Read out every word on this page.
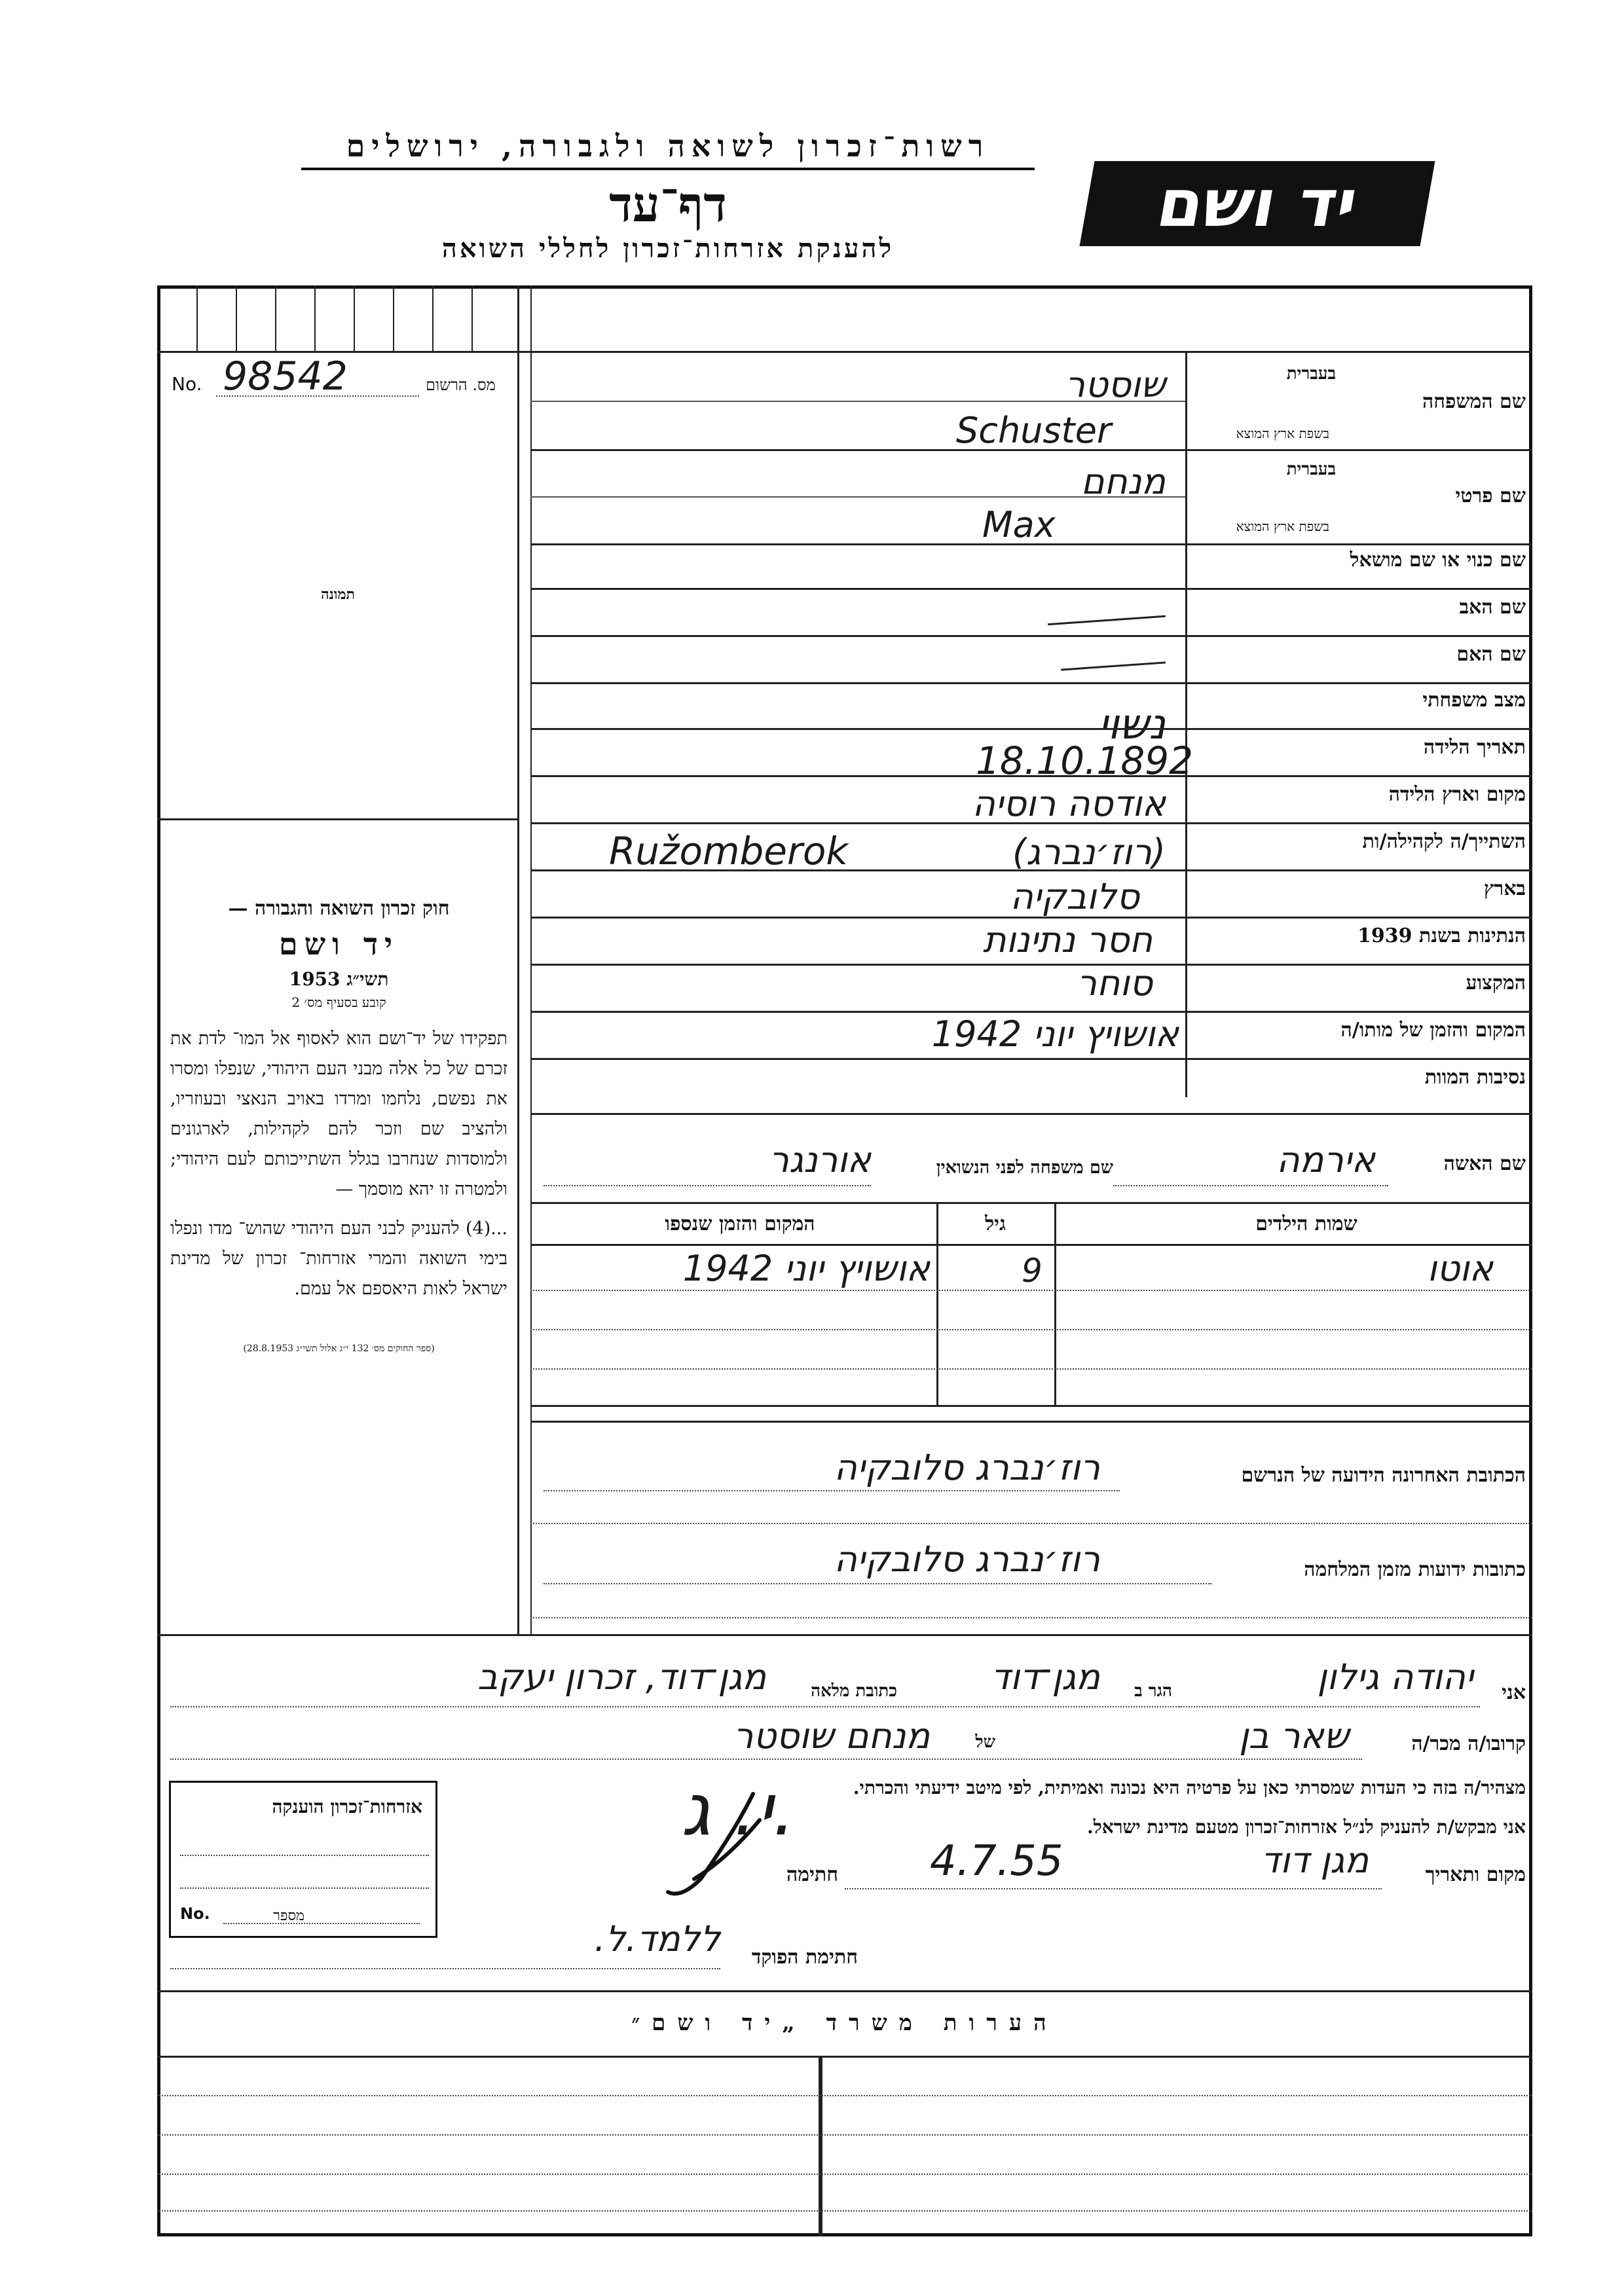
רשות־זכרון לשואה ולגבורה, ירושלים
דף־עד
להענקת אזרחות־זכרון לחללי השואה
יד ושם
מס. הרשום
No. 98542
תמונה

חוק זכרון השואה והגבורה —

יד ושם

תשי״ג 1953

קובע בסעיף מס׳ 2

תפקידו של יד־ושם הוא לאסוף אל המו־ לדת את זכרם של כל אלה מבני העם היהודי, שנפלו ומסרו את נפשם, נלחמו ומרדו באויב הנאצי ובעוזריו, ולהציב שם וזכר להם לקהילות, לארגונים ולמוסדות שנחרבו בגלל השתייכותם לעם היהודי; ולמטרה זו יהא מוסמך —

...(4) להעניק לבני העם היהודי שהוש־ מדו ונפלו בימי השואה והמרי אזרחות־ זכרון של מדינת ישראל לאות היאספם אל עמם.

(ספר החוקים מס׳ 132 י״ג אלול תשי״ג 28.8.1953)

שם המשפחה
בעברית
בשפת ארץ המוצא
שוסטר
Schuster
שם פרטי
בעברית
בשפת ארץ המוצא
מנחם
Max
שם כנוי או שם מושאל
שם האב
שם האם
מצב משפחתי
נשוי	תאריך הלידה
18.10.1892
מקום וארץ הלידה
אודסה רוסיה
השתייך/ה לקהילה/ות
Ružomberok	(רוז׳נברג)
בארץ
סלובקיה
הנתינות בשנת 1939
חסר נתינות
המקצוע
סוחר
המקום והזמן של מותו/ה
אושויץ יוני 1942
נסיבות המוות
שם האשה
אירמה
שם משפחה לפני הנשואין
אורנגר
שמות הילדים
גיל
המקום והזמן שנספו
אוטו
9
אושויץ יוני 1942
הכתובת האחרונה הידועה של הנרשם
רוז׳נברג סלובקיה
כתובות ידועות מזמן המלחמה
רוז׳נברג סלובקיה
אני
יהודה גילון
הגר ב
מגן־דוד
כתובת מלאה
מגן־דוד, זכרון יעקב
קרובו/ה מכר/ה
שאר בן
של
מנחם שוסטר
מצהיר/ה בזה כי העדות שמסרתי כאן על פרטיה היא נכונה ואמיתית, לפי מיטב ידיעתי והכרתי.
אני מבקש/ת להעניק לנ״ל אזרחות־זכרון מטעם מדינת ישראל.
מקום ותאריך
מגן דוד
4.7.55
חתימה
י. ג.
חתימת הפוקד
ללמד.ל.
אזרחות־זכרון הוענקה
מספר
No.
הערות משרד „יד ושם״
